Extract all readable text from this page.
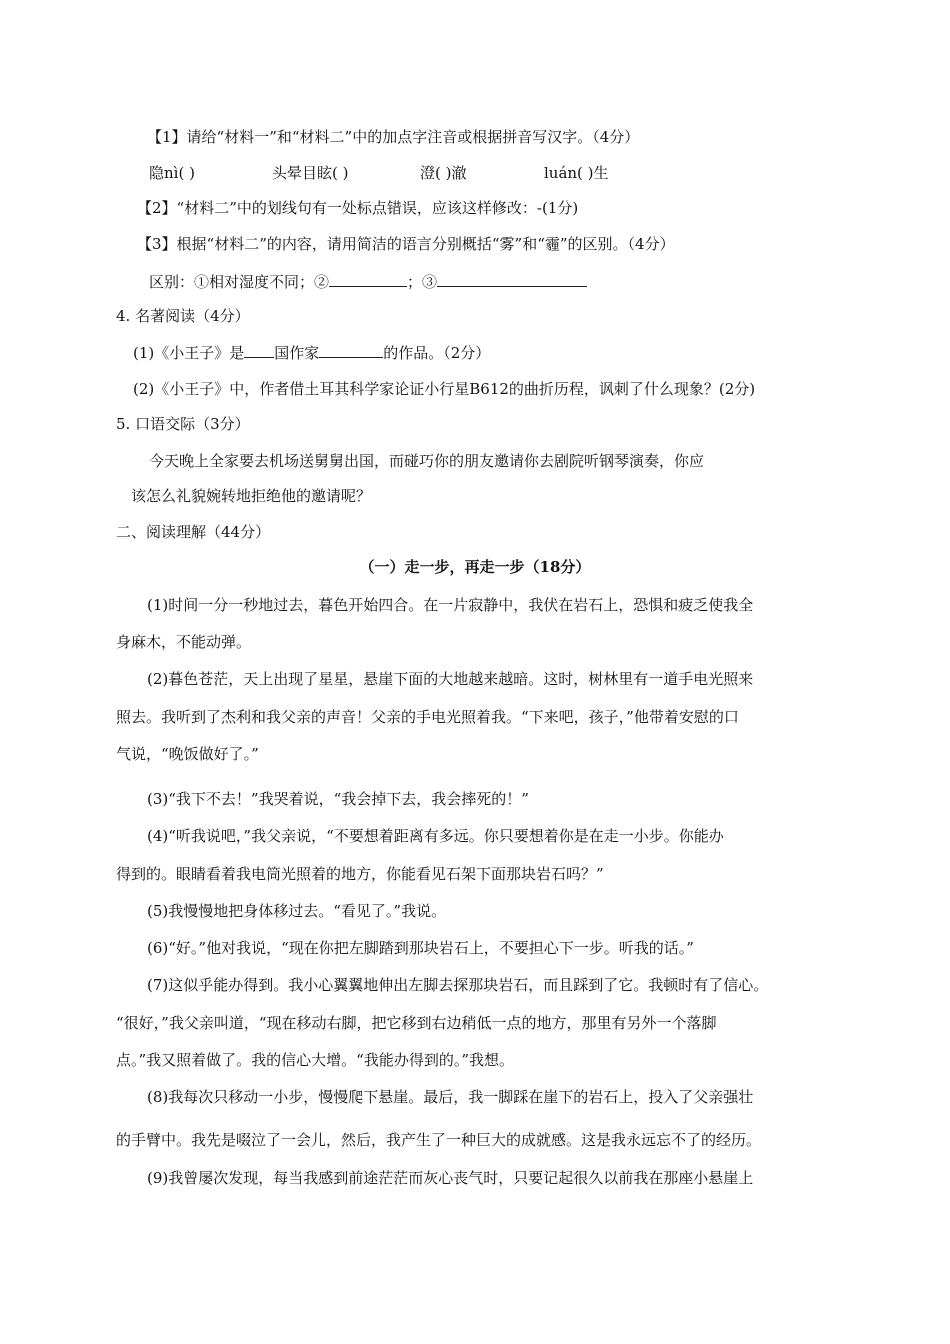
【1】请给“材料一”和“材料二”中的加点字注音或根据拼音写汉字。（4分）
隐nì( )	头晕目眩( )	澄( )澈	luán( )生
【2】“材料二”中的划线句有一处标点错误，应该这样修改：-(1分)
【3】根据“材料二”的内容，请用简洁的语言分别概括“雾”和“霾”的区别。（4分）
区别：①相对湿度不同；②	；③
4. 名著阅读（4分）
(1)《小王子》是 国作家	的作品。（2分）
(2)《小王子》中，作者借土耳其科学家论证小行星B612的曲折历程，讽刺了什么现象？(2分)
5. 口语交际（3分）
今天晚上全家要去机场送舅舅出国，而碰巧你的朋友邀请你去剧院听钢琴演奏，你应
该怎么礼貌婉转地拒绝他的邀请呢？
二、阅读理解（44分）
（一）走一步，再走一步（18分）
(1)时间一分一秒地过去，暮色开始四合。在一片寂静中，我伏在岩石上，恐惧和疲乏使我全
身麻木，不能动弹。
(2)暮色苍茫，天上出现了星星，悬崖下面的大地越来越暗。这时，树林里有一道手电光照来
照去。我听到了杰利和我父亲的声音！父亲的手电光照着我。“下来吧，孩子，”他带着安慰的口
气说，“晚饭做好了。”
(3)“我下不去！”我哭着说，“我会掉下去，我会摔死的！”
(4)“听我说吧，”我父亲说，“不要想着距离有多远。你只要想着你是在走一小步。你能办
得到的。眼睛看着我电筒光照着的地方，你能看见石架下面那块岩石吗？”
(5)我慢慢地把身体移过去。“看见了。”我说。
(6)“好。”他对我说，“现在你把左脚踏到那块岩石上，不要担心下一步。听我的话。”
(7)这似乎能办得到。我小心翼翼地伸出左脚去探那块岩石，而且踩到了它。我顿时有了信心。
“很好，”我父亲叫道，“现在移动右脚，把它移到右边稍低一点的地方，那里有另外一个落脚
点。”我又照着做了。我的信心大增。“我能办得到的。”我想。
(8)我每次只移动一小步，慢慢爬下悬崖。最后，我一脚踩在崖下的岩石上，投入了父亲强壮
的手臂中。我先是啜泣了一会儿，然后，我产生了一种巨大的成就感。这是我永远忘不了的经历。
(9)我曾屡次发现，每当我感到前途茫茫而灰心丧气时，只要记起很久以前我在那座小悬崖上
